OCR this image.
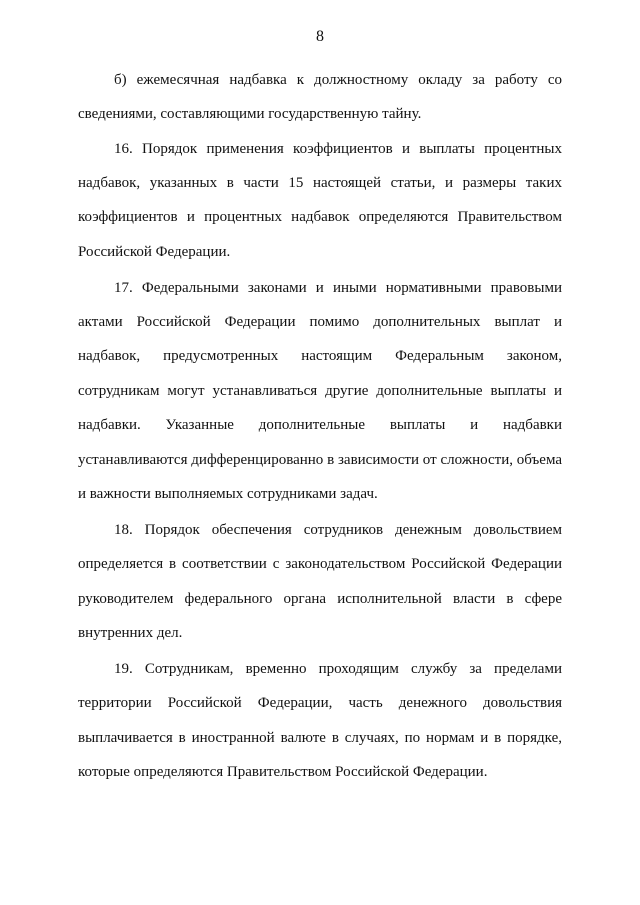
8
б) ежемесячная надбавка к должностному окладу за работу со
сведениями, составляющими государственную тайну.
16. Порядок применения коэффициентов и выплаты процентных
надбавок, указанных в части 15 настоящей статьи, и размеры таких
коэффициентов и процентных надбавок определяются Правительством
Российской Федерации.
17. Федеральными законами и иными нормативными правовыми
актами Российской Федерации помимо дополнительных выплат и
надбавок, предусмотренных настоящим Федеральным законом,
сотрудникам могут устанавливаться другие дополнительные выплаты и
надбавки. Указанные дополнительные выплаты и надбавки
устанавливаются дифференцированно в зависимости от сложности, объема
и важности выполняемых сотрудниками задач.
18. Порядок обеспечения сотрудников денежным довольствием
определяется в соответствии с законодательством Российской Федерации
руководителем федерального органа исполнительной власти в сфере
внутренних дел.
19. Сотрудникам, временно проходящим службу за пределами
территории Российской Федерации, часть денежного довольствия
выплачивается в иностранной валюте в случаях, по нормам и в порядке,
которые определяются Правительством Российской Федерации.
